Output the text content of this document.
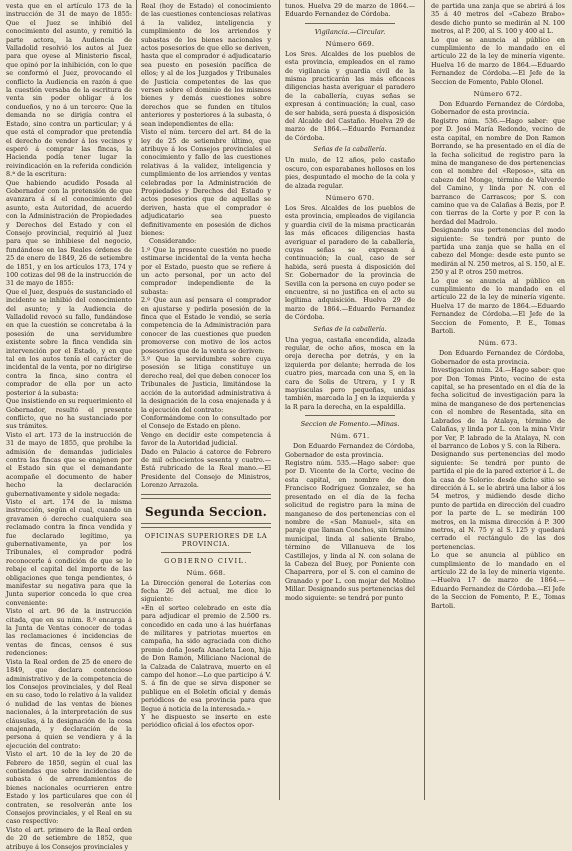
vesta que en el artículo 173 de la instrucción de 31 de mayo de 1855: Que el Juez se inhibió del conocimiento del asunto, y remitió la parte actora, la Audiencia de Valladolid resolvió los autos al Juez para que oyese al Ministerio fiscal, que opinó por la inhibición, con lo que se conformó el Juez, provocando el conflicto la Audiencia en razón á que la cuestión versaba de la escritura de venta sin poder obligar á los condueños, y no á un tercero: Que la demanda no se dirigía contra el Estado, sino contra un particular; y á que está el comprador que pretendía el derecho de vender á los vecinos y esperó á comprar las fincas, la Hacienda podía tener lugar la reivindicación en la referida condición 8.ª de la escritura:

Que habiendo acudido Posada al Gobernador con la pretensión de que avanzara á sí el conocimiento del asunto, esta Autoridad, de acuerdo con la Administración de Propiedades y Derechos del Estado y con el Consejo provincial, requirió al Juez para que se inhibiese del negocio, fundándose en las Reales órdenes de 25 de enero de 1849, 26 de setiembre de 1851, y en los artículos 173, 174 y 100 cotizas del 98 de la instrucción de 31 de mayo de 1855:

Que el Juez, después de sustanciado el incidente se inhibió del conocimiento del asunto; y la Audiencia de Valladolid revocó su fallo, fundándose en que la cuestión se concretaba á la posesión de una servidumbre existente sobre la finca vendida sin intervención por el Estado, y en que tal en los autos tenía el carácter de incidental de la venta, por no dirigirse contra la finca, sino contra el comprador de ella por un acto posterior á la subasta:

Que insistiendo en su requerimiento el Gobernador, resultó el presente conflicto, que no ha sustanciado por sus trámites.

Visto el art. 173 de la instrucción de 31 de mayo de 1855, que prohíbe la admisión de demandas judiciales contra las fincas que se enajenen por el Estado sin que el demandante acompañe el documento de haber hecho la declaración gubernativamente y sidole negada:

Visto el art. 174 de la misma instrucción, según el cual, cuando un gravamen ó derecho cualquiera sea reclamado contra la finca vendida y fue declarado legítimo, ya gubernativamente, ya por los Tribunales, el comprador podrá reconocerle á condición de que se le rebaje el capital del importe de las obligaciones que tenga pendientes, ó manifestar su negativa para que la Junta superior conceda lo que crea conveniente:

Visto el art. 96 de la instrucción citada, que en su núm. 8.º encarga á la Junta de Ventas conocer de todas las reclamaciones é incidencias de ventas de fincas, censos é sus redenciones:

Vista la Real orden de 25 de enero de 1849, que declara contencioso administrativo y de la competencia de los Consejos provinciales, y del Real en su caso, todo lo relativo á la validez ó nulidad de las ventas de bienes nacionales, á la interpretación de sus cláusulas, á la designación de la cosa enajenada, y declaración de la persona á quien se vendiera y á la ejecución del contrato:

Visto el art. 10 de la ley de 20 de Febrero de 1850, según el cual las contiendas que sobre incidencias de subasta ó de arrendamientos de bienes nacionales ocurrieren entre Estado y los particulares que con él contraten, se resolverán ante los Consejos provinciales, y el Real en su caso respectivo:

Visto el art. primero de la Real orden de 20 de setiembre de 1852, que atribuye á los Consejos provinciales y

Real (hoy de Estado) el conocimiento de las cuestiones contenciosas relativas á la validez, inteligencia y cumplimiento de los arriendos y subastas de los bienes nacionales y actos posesorios de que ello se deriven, hasta que el comprador é adjudicatario sea puesto en posesión pacífica de ellos; y al de los Juzgados y Tribunales de Justicia competentes de las que versen sobre el dominio de los mismos bienes y demás cuestiones sobre derechos que se funden en títulos anteriores y posteriores á la subasta, ó sean independientes de ella:

Visto el núm. tercero del art. 84 de la ley de 25 de setiembre último, que atribuye á los Consejos provinciales el conocimiento y fallo de las cuestiones relativas á la validez, inteligencia y cumplimiento de los arriendos y ventas celebradas por la Administración de Propiedades y Derechos del Estado y actos posesorios que de aquellas se deriven, hasta que el comprador é adjudicatario sea puesto definitivamente en posesión de dichos bienes:

Considerando:

1.º Que la presente cuestión no puede estimarse incidental de la venta hecha por el Estado, puesto que se refiere á un acto personal, por un acto del comprador independiente de la subasta:

2.º Que aun así pensara el comprador en ajustarse y pedirla posesión de la finca que el Estado le vendió, se sería competencia de la Administración para conocer de las cuestiones que pueden promoverse con motivo de los actos posesorios que de la venta se deriven:

3.º Que la servidumbre sobre cuya posesión se litiga constituye un derecho real, del que deben conocer los Tribunales de Justicia, limitándose la acción de la autoridad administrativa á la designación de la cosa enajenada y á la ejecución del contrato:

Conformándome con lo consultado por el Consejo de Estado en pleno.

Vengo en decidir este competencia á favor de la Autoridad judicial.

Dado en Palacio á catorce de Febrero de mil ochocientos sesenta y cuatro.—Está rubricado de la Real mano.—El Presidente del Consejo de Ministros, Lorenzo Arrazola.

Segunda Seccion.
OFICINAS SUPERIORES DE LA PROVINCIA.
GOBIERNO CIVIL.
Núm. 668.

La Dirección general de Loterías con fecha 26 del actual, me dice lo siguiente:

«En el sorteo celebrado en este día para adjudicar el premio de 2.500 rs. concedido en cada uno á las huérfanas de militares y patriotas muertos en campaña, ha sido agraciada con dicho premio doña Josefa Anacleta Leon, hija de Don Ramón, Miliciano Nacional de la Calzada de Calatrava, muerto en el campo del honor.—Lo que participo á V. S. á fin de que se sirva disponer se publique en el Boletín oficial y demás periódicos de esa provincia para que llegue á noticia de la interesada.»

Y he dispuesto se inserte en este periódico oficial á los efectos opor-

tunos. Huelva 29 de marzo de 1864.—Eduardo Fernandez de Córdoba.

Vigilancia.—Circular.
Número 669.

Los Sres. Alcaldes de los pueblos de esta provincia, empleados en el ramo de vigilancia y guardia civil de la misma practicarán las más eficaces diligencias hasta averiguar el paradero de la caballería, cuyas señas se expresan á continuación; la cual, caso de ser habida, será puesta á disposición del Alcalde del Castaño. Huelva 29 de marzo de 1864.—Eduardo Fernandez de Córdoba.

Señas de la caballería.

Un mulo, de 12 años, pelo castaño oscuro, con esparabanes hollosos en los pies, despuntado el mocho de la cola y de alzada regular.

Número 670.

Los Sres. Alcaldes de los pueblos de esta provincia, empleados de vigilancia y guardia civil de la misma practicarán las más eficaces diligencias hasta averiguar el paradero de la caballería, cuyas señas se expresan á continuación; la cual, caso de ser habida, será puesta á disposición del Sr. Gobernador de la provincia de Sevilla con la persona en cuyo poder se encuentre, si no justifica en el acto su legítima adquisición. Huelva 29 de marzo de 1864.—Eduardo Fernandez de Córdoba.

Señas de la caballería.

Una yegua, castaña encendida, alzada regular, de ocho años, mosca en la oreja derecha por detrás, y en la izquierda por delante; herrada de los cuatro pies, marcada con una S, en la cara de Solis de Utrera, y I y R mayúsculas pero pequeñas, unidas también, marcada la J en la izquierda y la R para la derecha, en la espaldilla.

Seccion de Fomento.—Minas.
Núm. 671.

Don Eduardo Fernandez de Córdoba, Gobernador de esta provincia.

Registro núm. 535.—Hago saber: que por D. Vicente de la Corte, vecino de esta capital, en nombre de don Francisco Rodríguez Gonzalez, se ha presentado en el día de la fecha solicitud de registro para la mina de manganeso de dos pertenencias con el nombre de «San Manuel», sita en paraje que llaman Conchos, sin término municipal, linda al saliente Brabo, término de Villanueva de los Castillejos, y linda al N. con solana de la Cabeza del Buey, por Poniente con Chaparrera, por el S. con el camino de Granado y por L. con mojar del Molino Millar. Designando sus pertenencias del modo siguiente: se tendrá por punto

de partida una zanja que se abrirá á los 35 á 40 metros del «Cabezo Brabo» desde dicho punto se medirán al N. 100 metros, al P. 200, al S. 100 y 400 al L.

Lo que se anuncia al público en cumplimiento de lo mandado en el artículo 22 de la ley de minería vigente. Huelva 16 de marzo de 1864.—Eduardo Fernandez de Córdoba.—El Jefe de la Seccion de Fomento, Pablo Olonel.

Número 672.

Don Eduardo Fernandez de Córdoba, Gobernador de esta provincia.

Registro núm. 536.—Hago saber: que por D. José María Redondo, vecino de esta capital, en nombre de Don Ramon Borrando, se ha presentado en el día de la fecha solicitud de registro para la mina de manganeso de dos pertenencias con el nombre del «Reposo», sita en cabezo del Monge, término de Valverde del Camino, y linda por N. con el barranco de Carrascos; por S. con camino que va de Calañas á Bezis, por P. con tierras de la Corte y por P. con la herdad del Madrolo.

Designando sus pertenencias del modo siguiente: Se tendrá por punto de partida una zanja que se halla en el cabezo del Monge: desde este punto se medirán al N. 250 metros, al S. 150, al E. 250 y al P. otros 250 metros.

Lo que se anuncia al público en cumplimiento de lo mandado en el artículo 22 de la ley de minería vigente. Huelva 17 de marzo de 1864.—Eduardo Fernandez de Córdoba.—El Jefe de la Seccion de Fomento, P. E., Tomas Bartoli.

Núm. 673.

Don Eduardo Fernandez de Córdoba, Gobernador de esta provincia.

Investigacion núm. 24.—Hago saber: que por Don Tomas Pinto, vecino de esta capital, se ha presentado en el día de la fecha solicitud de investigación para la mina de manganeso de dos pertenencias con el nombre de Resentada, sita en Labrados de la Atalaya, término de Calañas, y linda por L. con la mina Vivir por Ver, P. labrado de la Atalaya, N. con el barranco de Lobos y S. con la Ribera.

Designando sus pertenencias del modo siguiente: Se tendrá por punto de partida el pie de la pared exterior á L. de la casa de Solorio: desde dicho sitio se dirección á L. se le abrirá una labor á los 54 metros, y midiendo desde dicho punto de partida en dirección del cuadro por la parte de L. se medirán 100 metros, en la misma dirección á P. 300 metros, al N. 75 y al S. 125 y quedará cerrado el rectángulo de las dos pertenencias.

Lo que se anuncia al público en cumplimiento de lo mandado en el artículo 22 de la ley de minería vigente.—Huelva 17 de marzo de 1864.—Eduardo Fernandez de Córdoba.—El Jefe de la Seccion de Fomento, P. E., Tomas Bartoli.
